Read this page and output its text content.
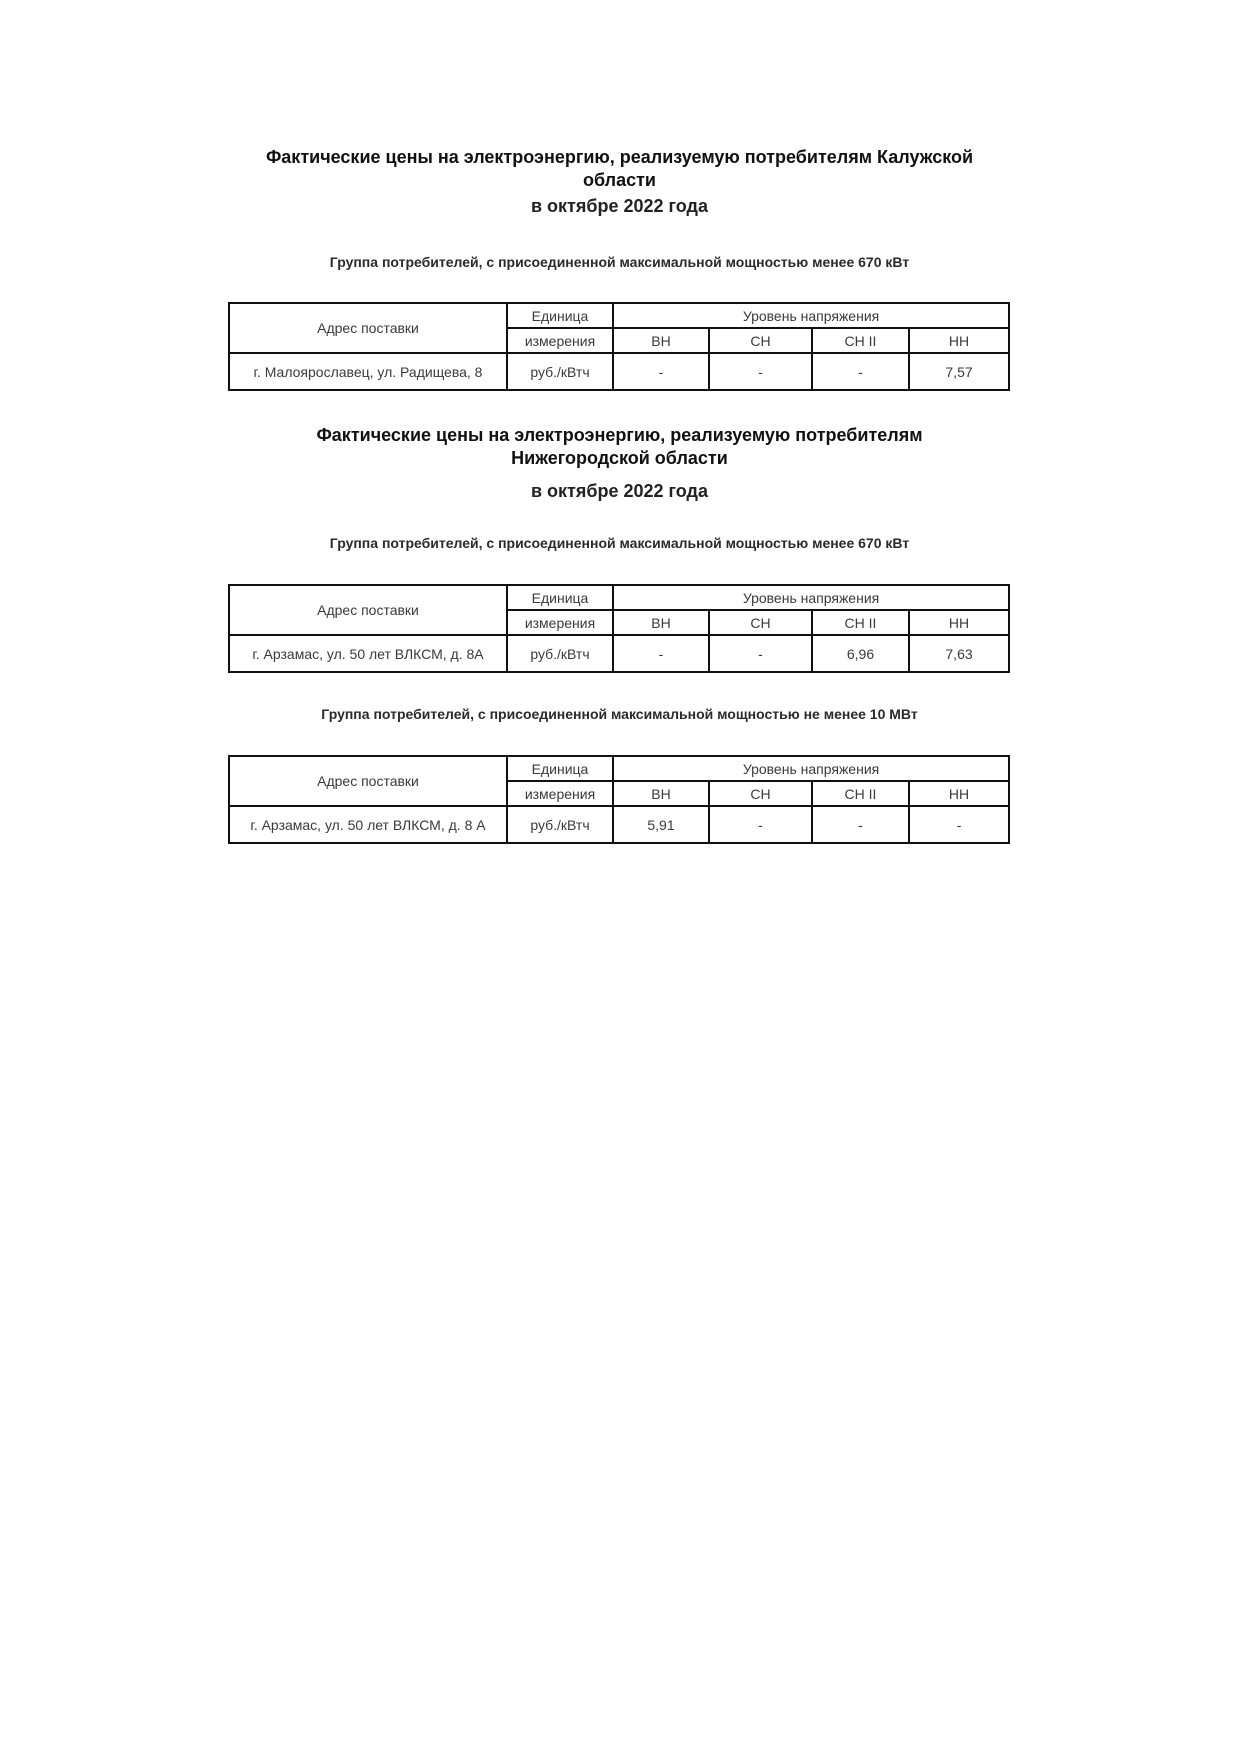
Фактические цены на электроэнергию, реализуемую потребителям Калужской
области
в октябре 2022 года
Группа потребителей, с присоединенной максимальной мощностью менее 670 кВт
Адрес поставки	Единица	Уровень напряжения			
	измерения	ВН	СН	СН II	НН
г. Малоярославец, ул. Радищева, 8	руб./кВтч	-	-	-	7,57
Фактические цены на электроэнергию, реализуемую потребителям
Нижегородской области
в октябре 2022 года
Группа потребителей, с присоединенной максимальной мощностью менее 670 кВт
Адрес поставки	Единица	Уровень напряжения			
	измерения	ВН	СН	СН II	НН
г. Арзамас, ул. 50 лет ВЛКСМ, д. 8А	руб./кВтч	-	-	6,96	7,63
Группа потребителей, с присоединенной максимальной мощностью не менее 10 МВт
Адрес поставки	Единица	Уровень напряжения			
	измерения	ВН	СН	СН II	НН
г. Арзамас, ул. 50 лет ВЛКСМ, д. 8 А	руб./кВтч	5,91	-	-	-
